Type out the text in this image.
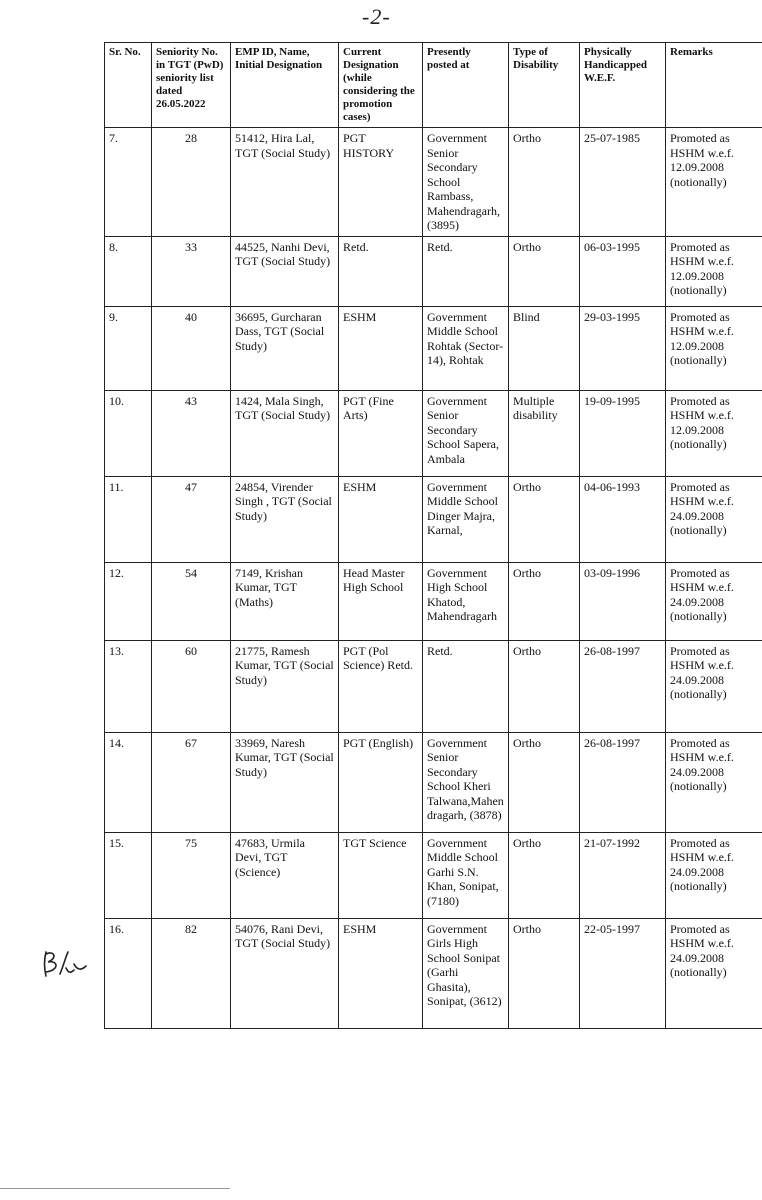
-2-
Sr. No.	Seniority No. in TGT (PwD) seniority list dated 26.05.2022	EMP ID, Name, Initial Designation	Current Designation (while considering the promotion cases)	Presently posted at	Type of Disability	Physically Handicapped W.E.F.	Remarks
7.	28	51412, Hira Lal, TGT (Social Study)	PGT HISTORY	Government Senior Secondary School Rambass, Mahendragarh, (3895)	Ortho	25-07-1985	Promoted as HSHM w.e.f. 12.09.2008 (notionally)
8.	33	44525, Nanhi Devi, TGT (Social Study)	Retd.	Retd.	Ortho	06-03-1995	Promoted as HSHM w.e.f. 12.09.2008 (notionally)
9.	40	36695, Gurcharan Dass, TGT (Social Study)	ESHM	Government Middle School Rohtak (Sector-14), Rohtak	Blind	29-03-1995	Promoted as HSHM w.e.f. 12.09.2008 (notionally)
10.	43	1424, Mala Singh, TGT (Social Study)	PGT (Fine Arts)	Government Senior Secondary School Sapera, Ambala	Multiple disability	19-09-1995	Promoted as HSHM w.e.f. 12.09.2008 (notionally)
11.	47	24854, Virender Singh , TGT (Social Study)	ESHM	Government Middle School Dinger Majra, Karnal,	Ortho	04-06-1993	Promoted as HSHM w.e.f. 24.09.2008 (notionally)
12.	54	7149, Krishan Kumar, TGT (Maths)	Head Master High School	Government High School Khatod, Mahendragarh	Ortho	03-09-1996	Promoted as HSHM w.e.f. 24.09.2008 (notionally)
13.	60	21775, Ramesh Kumar, TGT (Social Study)	PGT (Pol Science) Retd.	Retd.	Ortho	26-08-1997	Promoted as HSHM w.e.f. 24.09.2008 (notionally)
14.	67	33969, Naresh Kumar, TGT (Social Study)	PGT (English)	Government Senior Secondary School Kheri Talwana,Mahendragarh, (3878)	Ortho	26-08-1997	Promoted as HSHM w.e.f. 24.09.2008 (notionally)
15.	75	47683, Urmila Devi, TGT (Science)	TGT Science	Government Middle School Garhi S.N. Khan, Sonipat, (7180)	Ortho	21-07-1992	Promoted as HSHM w.e.f. 24.09.2008 (notionally)
16.	82	54076, Rani Devi, TGT (Social Study)	ESHM	Government Girls High School Sonipat (Garhi Ghasita), Sonipat, (3612)	Ortho	22-05-1997	Promoted as HSHM w.e.f. 24.09.2008 (notionally)
